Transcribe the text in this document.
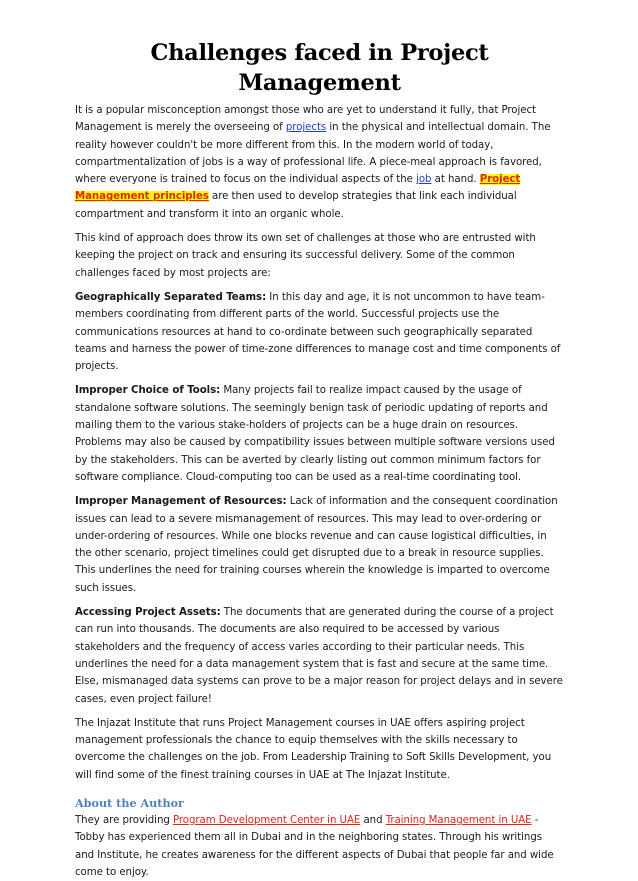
Challenges faced in Project Management

It is a popular misconception amongst those who are yet to understand it fully, that Project Management is merely the overseeing of projects in the physical and intellectual domain. The reality however couldn't be more different from this. In the modern world of today, compartmentalization of jobs is a way of professional life. A piece-meal approach is favored, where everyone is trained to focus on the individual aspects of the job at hand. Project Management principles are then used to develop strategies that link each individual compartment and transform it into an organic whole.

This kind of approach does throw its own set of challenges at those who are entrusted with keeping the project on track and ensuring its successful delivery. Some of the common challenges faced by most projects are:

Geographically Separated Teams: In this day and age, it is not uncommon to have team-members coordinating from different parts of the world. Successful projects use the communications resources at hand to co-ordinate between such geographically separated teams and harness the power of time-zone differences to manage cost and time components of projects.

Improper Choice of Tools: Many projects fail to realize impact caused by the usage of standalone software solutions. The seemingly benign task of periodic updating of reports and mailing them to the various stake-holders of projects can be a huge drain on resources. Problems may also be caused by compatibility issues between multiple software versions used by the stakeholders. This can be averted by clearly listing out common minimum factors for software compliance. Cloud-computing too can be used as a real-time coordinating tool.

Improper Management of Resources: Lack of information and the consequent coordination issues can lead to a severe mismanagement of resources. This may lead to over-ordering or under-ordering of resources. While one blocks revenue and can cause logistical difficulties, in the other scenario, project timelines could get disrupted due to a break in resource supplies. This underlines the need for training courses wherein the knowledge is imparted to overcome such issues.

Accessing Project Assets: The documents that are generated during the course of a project can run into thousands. The documents are also required to be accessed by various stakeholders and the frequency of access varies according to their particular needs. This underlines the need for a data management system that is fast and secure at the same time. Else, mismanaged data systems can prove to be a major reason for project delays and in severe cases, even project failure!

The Injazat Institute that runs Project Management courses in UAE offers aspiring project management professionals the chance to equip themselves with the skills necessary to overcome the challenges on the job. From Leadership Training to Soft Skills Development, you will find some of the finest training courses in UAE at The Injazat Institute.

About the Author

They are providing Program Development Center in UAE and Training Management in UAE - Tobby has experienced them all in Dubai and in the neighboring states. Through his writings and Institute, he creates awareness for the different aspects of Dubai that people far and wide come to enjoy.
